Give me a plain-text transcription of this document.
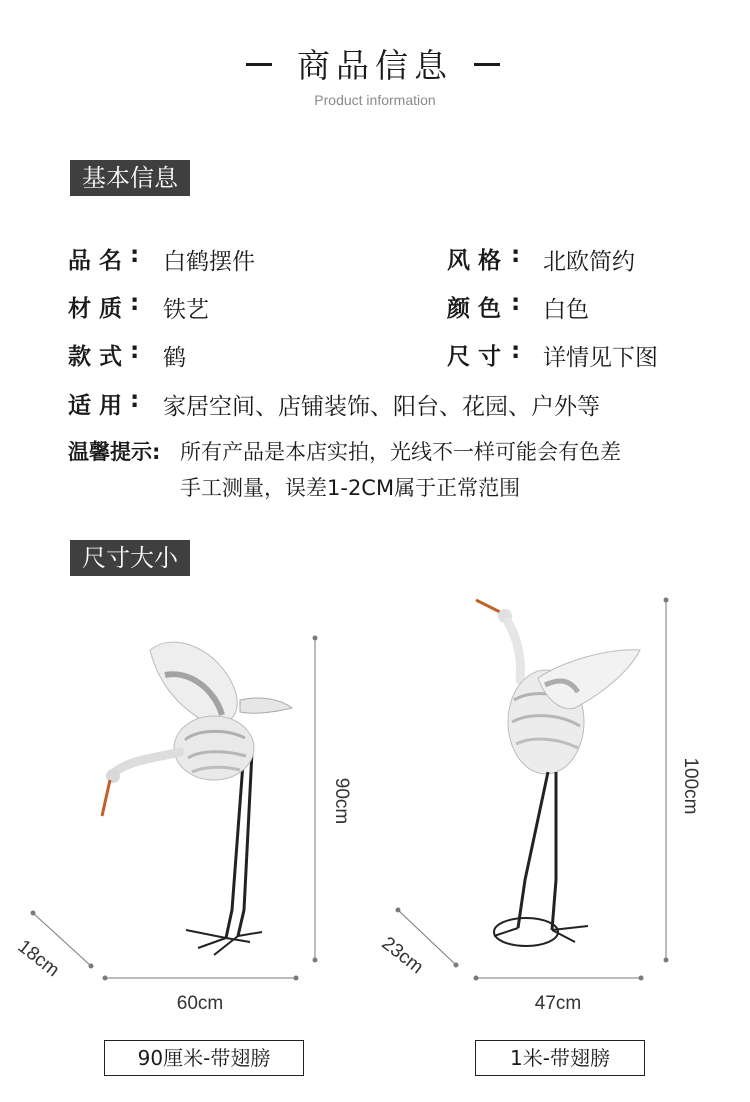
商品信息
Product information
基本信息
品名 : 白鹤摆件	风格 : 北欧简约
材质 : 铁艺	颜色 : 白色
款式 : 鹤	尺寸 : 详情见下图
适用 : 家居空间、店铺装饰、阳台、花园、户外等
温馨提示: 所有产品是本店实拍，光线不一样可能会有色差
手工测量，误差1-2CM属于正常范围
尺寸大小
90cm
60cm
18cm
100cm
47cm
23cm
90厘米-带翅膀	1米-带翅膀
